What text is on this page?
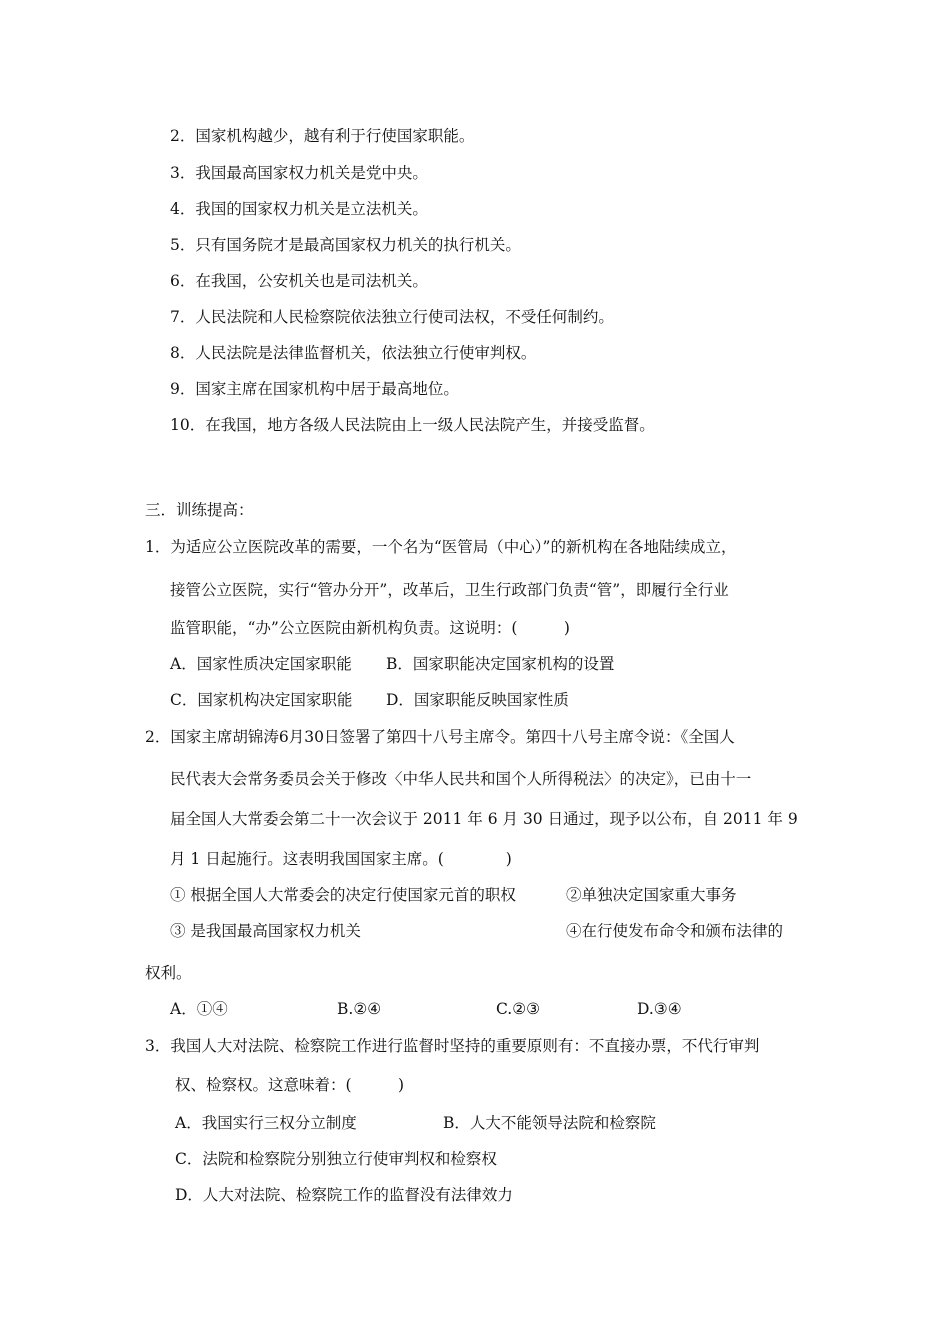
2．国家机构越少，越有利于行使国家职能。
3．我国最高国家权力机关是党中央。
4．我国的国家权力机关是立法机关。
5．只有国务院才是最高国家权力机关的执行机关。
6．在我国，公安机关也是司法机关。
7．人民法院和人民检察院依法独立行使司法权，不受任何制约。
8．人民法院是法律监督机关，依法独立行使审判权。
9．国家主席在国家机构中居于最高地位。
10．在我国，地方各级人民法院由上一级人民法院产生，并接受监督。
三．训练提高：
1．为适应公立医院改革的需要，一个名为“医管局（中心）”的新机构在各地陆续成立，
接管公立医院，实行“管办分开”，改革后，卫生行政部门负责“管”，即履行全行业
监管职能，“办”公立医院由新机构负责。这说明：(　　　)
A．国家性质决定国家职能 B．国家职能决定国家机构的设置
C．国家机构决定国家职能 D．国家职能反映国家性质
2．国家主席胡锦涛6月30日签署了第四十八号主席令。第四十八号主席令说：《全国人
民代表大会常务委员会关于修改〈中华人民共和国个人所得税法〉的决定》，已由十一
届全国人大常委会第二十一次会议于 2011 年 6 月 30 日通过，现予以公布，自 2011 年 9
月 1 日起施行。这表明我国国家主席。(　　　　)
① 根据全国人大常委会的决定行使国家元首的职权	②单独决定国家重大事务
③ 是我国最高国家权力机关	④在行使发布命令和颁布法律的
权利。
A．①④	B.②④	C.②③	D.③④
3．我国人大对法院、检察院工作进行监督时坚持的重要原则有：不直接办票，不代行审判
权、检察权。这意味着：(　　　)
A．我国实行三权分立制度	B．人大不能领导法院和检察院
C．法院和检察院分别独立行使审判权和检察权
D．人大对法院、检察院工作的监督没有法律效力
